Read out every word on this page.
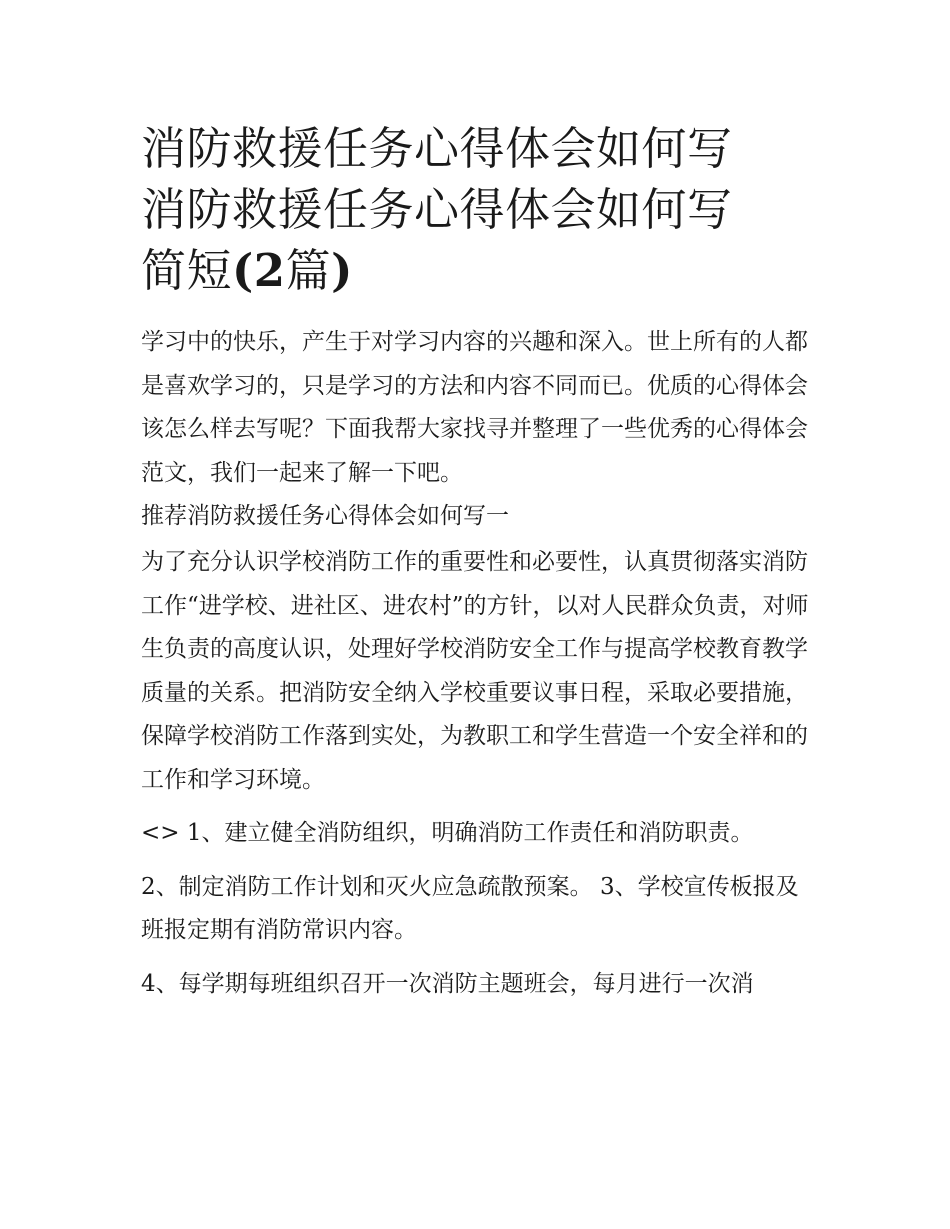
消防救援任务心得体会如何写
消防救援任务心得体会如何写
简短(2篇)

学习中的快乐，产生于对学习内容的兴趣和深入。世上所有的人都是喜欢学习的，只是学习的方法和内容不同而已。优质的心得体会该怎么样去写呢？下面我帮大家找寻并整理了一些优秀的心得体会范文，我们一起来了解一下吧。

推荐消防救援任务心得体会如何写一

为了充分认识学校消防工作的重要性和必要性，认真贯彻落实消防工作“进学校、进社区、进农村”的方针，以对人民群众负责，对师生负责的高度认识，处理好学校消防安全工作与提高学校教育教学质量的关系。把消防安全纳入学校重要议事日程，采取必要措施，保障学校消防工作落到实处，为教职工和学生营造一个安全祥和的工作和学习环境。

<> 1、建立健全消防组织，明确消防工作责任和消防职责。

2、制定消防工作计划和灭火应急疏散预案。 3、学校宣传板报及班报定期有消防常识内容。

4、每学期每班组织召开一次消防主题班会，每月进行一次消
